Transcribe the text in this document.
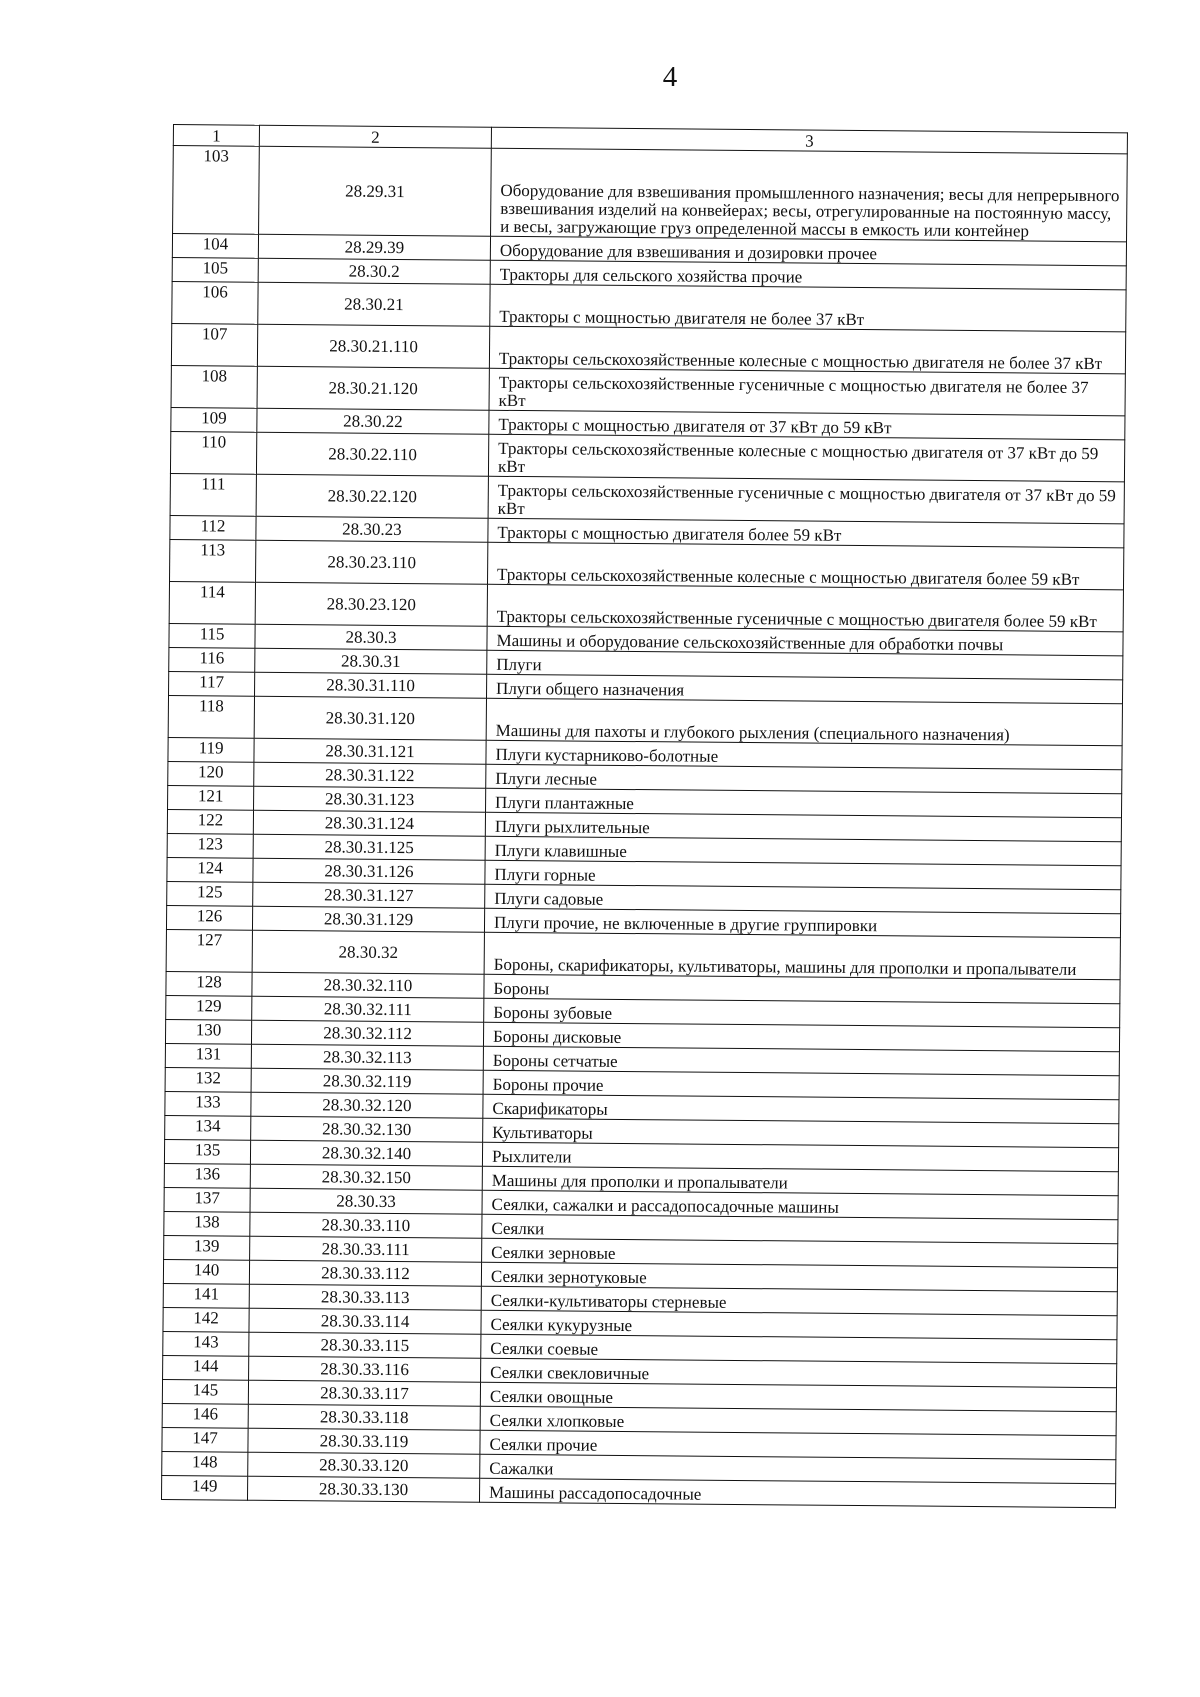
4
1	2	3
103	28.29.31	Оборудование для взвешивания промышленного назначения; весы для непрерывного взвешивания изделий на конвейерах; весы, отрегулированные на постоянную массу, и весы, загружающие груз определенной массы в емкость или контейнер
104	28.29.39	Оборудование для взвешивания и дозировки прочее
105	28.30.2	Тракторы для сельского хозяйства прочие
106	28.30.21	Тракторы с мощностью двигателя не более 37 кВт
107	28.30.21.110	Тракторы сельскохозяйственные колесные с мощностью двигателя не более 37 кВт
108	28.30.21.120	Тракторы сельскохозяйственные гусеничные с мощностью двигателя не более 37 кВт
109	28.30.22	Тракторы с мощностью двигателя от 37 кВт до 59 кВт
110	28.30.22.110	Тракторы сельскохозяйственные колесные с мощностью двигателя от 37 кВт до 59 кВт
111	28.30.22.120	Тракторы сельскохозяйственные гусеничные с мощностью двигателя от 37 кВт до 59 кВт
112	28.30.23	Тракторы с мощностью двигателя более 59 кВт
113	28.30.23.110	Тракторы сельскохозяйственные колесные с мощностью двигателя более 59 кВт
114	28.30.23.120	Тракторы сельскохозяйственные гусеничные с мощностью двигателя более 59 кВт
115	28.30.3	Машины и оборудование сельскохозяйственные для обработки почвы
116	28.30.31	Плуги
117	28.30.31.110	Плуги общего назначения
118	28.30.31.120	Машины для пахоты и глубокого рыхления (специального назначения)
119	28.30.31.121	Плуги кустарниково-болотные
120	28.30.31.122	Плуги лесные
121	28.30.31.123	Плуги плантажные
122	28.30.31.124	Плуги рыхлительные
123	28.30.31.125	Плуги клавишные
124	28.30.31.126	Плуги горные
125	28.30.31.127	Плуги садовые
126	28.30.31.129	Плуги прочие, не включенные в другие группировки
127	28.30.32	Бороны, скарификаторы, культиваторы, машины для прополки и пропалыватели
128	28.30.32.110	Бороны
129	28.30.32.111	Бороны зубовые
130	28.30.32.112	Бороны дисковые
131	28.30.32.113	Бороны сетчатые
132	28.30.32.119	Бороны прочие
133	28.30.32.120	Скарификаторы
134	28.30.32.130	Культиваторы
135	28.30.32.140	Рыхлители
136	28.30.32.150	Машины для прополки и пропалыватели
137	28.30.33	Сеялки, сажалки и рассадопосадочные машины
138	28.30.33.110	Сеялки
139	28.30.33.111	Сеялки зерновые
140	28.30.33.112	Сеялки зернотуковые
141	28.30.33.113	Сеялки-культиваторы стерневые
142	28.30.33.114	Сеялки кукурузные
143	28.30.33.115	Сеялки соевые
144	28.30.33.116	Сеялки свекловичные
145	28.30.33.117	Сеялки овощные
146	28.30.33.118	Сеялки хлопковые
147	28.30.33.119	Сеялки прочие
148	28.30.33.120	Сажалки
149	28.30.33.130	Машины рассадопосадочные
